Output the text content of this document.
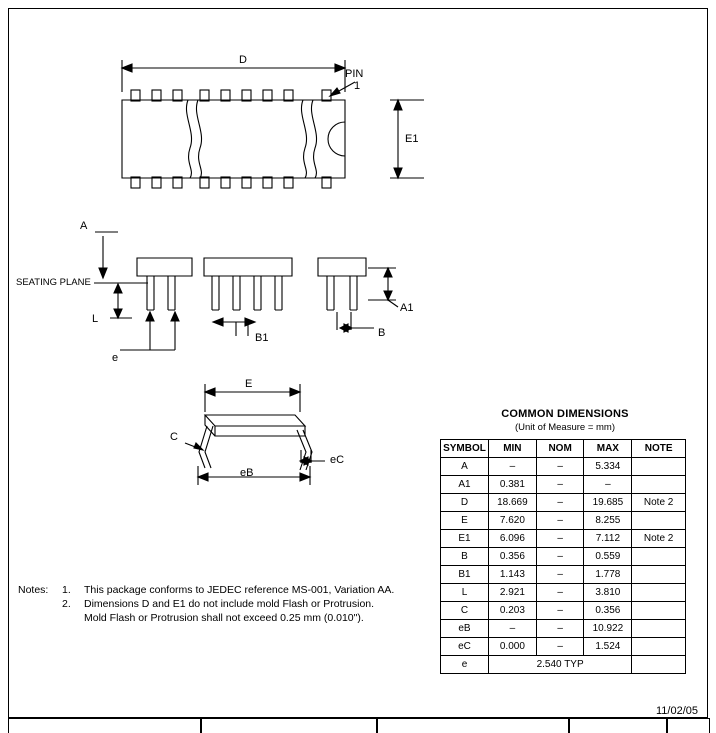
D
PIN
1
E1
A
SEATING PLANE
A1
L
e
B1	B
E
C
eB
eC
Notes:	1.	This package conforms to JEDEC reference MS-001, Variation AA.
2.	Dimensions D and E1 do not include mold Flash or Protrusion.
Mold Flash or Protrusion shall not exceed 0.25 mm (0.010").
COMMON DIMENSIONS
(Unit of Measure = mm)
SYMBOL	MIN	NOM	MAX	NOTE
A	–	–	5.334	
A1	0.381	–	–	
D	18.669	–	19.685	Note 2
E	7.620	–	8.255	
E1	6.096	–	7.112	Note 2
B	0.356	–	0.559	
B1	1.143	–	1.778	
L	2.921	–	3.810	
C	0.203	–	0.356	
eB	–	–	10.922	
eC	0.000	–	1.524	
e	2.540 TYP			
11/02/05
